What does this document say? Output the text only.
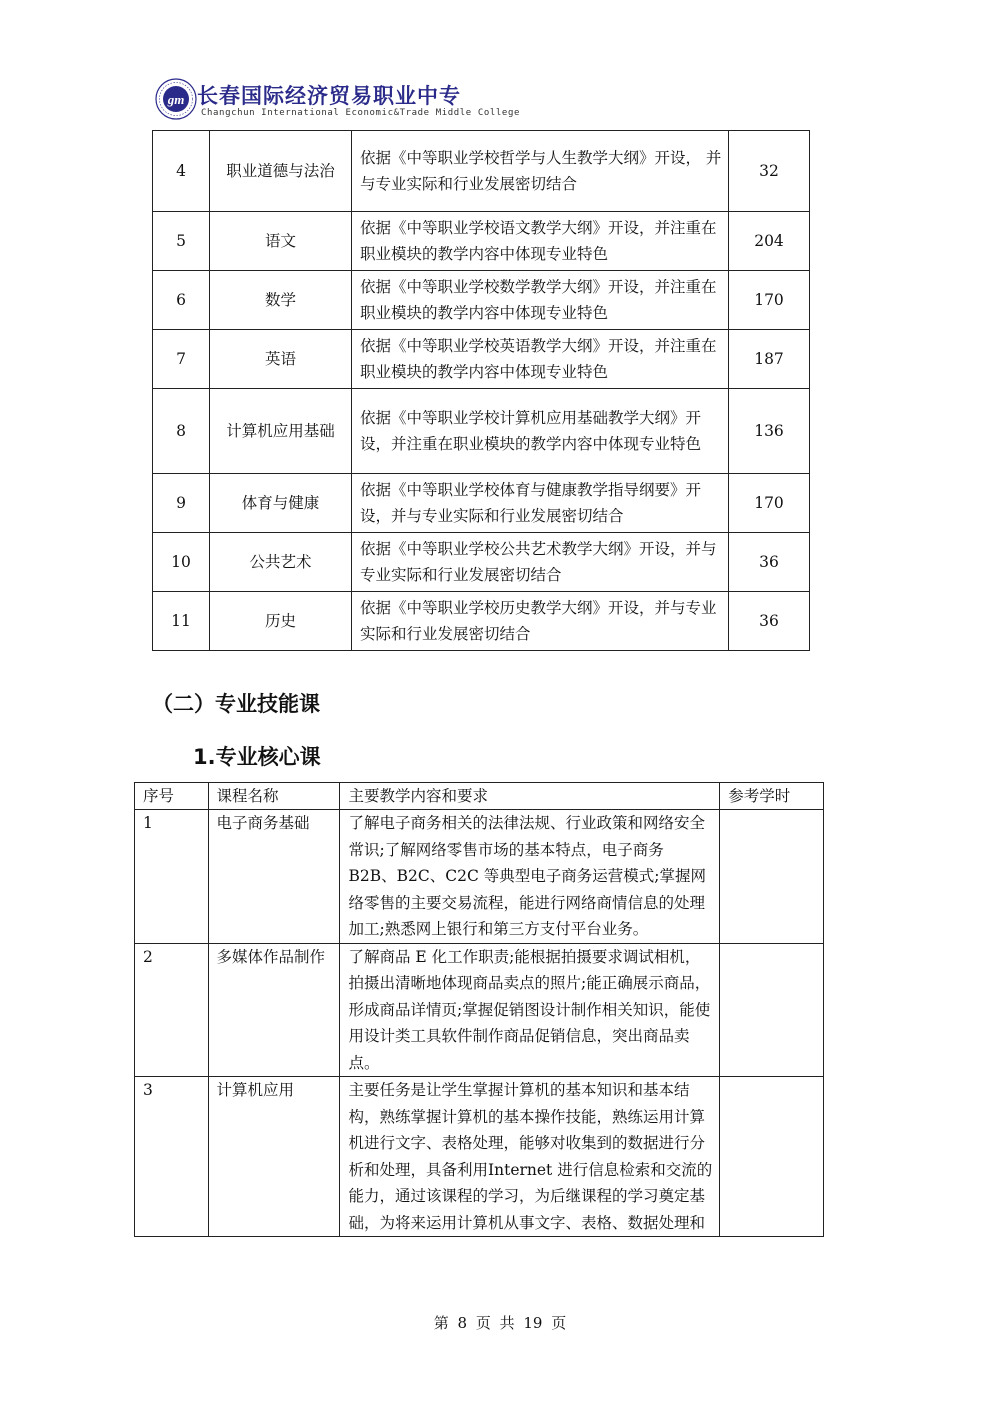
gm 长春国际经济贸易职业中专
Changchun International Economic&Trade Middle College
4	职业道德与法治	依据《中等职业学校哲学与人生教学大纲》开设， 并与专业实际和行业发展密切结合	32
5	语文	依据《中等职业学校语文教学大纲》开设，并注重在职业模块的教学内容中体现专业特色	204
6	数学	依据《中等职业学校数学教学大纲》开设，并注重在职业模块的教学内容中体现专业特色	170
7	英语	依据《中等职业学校英语教学大纲》开设，并注重在职业模块的教学内容中体现专业特色	187
8	计算机应用基础	依据《中等职业学校计算机应用基础教学大纲》开设，并注重在职业模块的教学内容中体现专业特色	136
9	体育与健康	依据《中等职业学校体育与健康教学指导纲要》开设，并与专业实际和行业发展密切结合	170
10	公共艺术	依据《中等职业学校公共艺术教学大纲》开设，并与专业实际和行业发展密切结合	36
11	历史	依据《中等职业学校历史教学大纲》开设，并与专业实际和行业发展密切结合	36
（二）专业技能课
1.专业核心课
序号	课程名称	主要教学内容和要求	参考学时
1	电子商务基础	了解电子商务相关的法律法规、行业政策和网络安全常识;了解网络零售市场的基本特点，电子商务 B2B、B2C、C2C 等典型电子商务运营模式;掌握网络零售的主要交易流程，能进行网络商情信息的处理加工;熟悉网上银行和第三方支付平台业务。	
2	多媒体作品制作	了解商品 E 化工作职责;能根据拍摄要求调试相机，拍摄出清晰地体现商品卖点的照片;能正确展示商品，形成商品详情页;掌握促销图设计制作相关知识，能使用设计类工具软件制作商品促销信息，突出商品卖点。	
3	计算机应用	主要任务是让学生掌握计算机的基本知识和基本结构，熟练掌握计算机的基本操作技能，熟练运用计算机进行文字、表格处理，能够对收集到的数据进行分析和处理，具备利用Internet 进行信息检索和交流的能力，通过该课程的学习，为后继课程的学习奠定基础，为将来运用计算机从事文字、表格、数据处理和	
第 8 页 共 19 页
